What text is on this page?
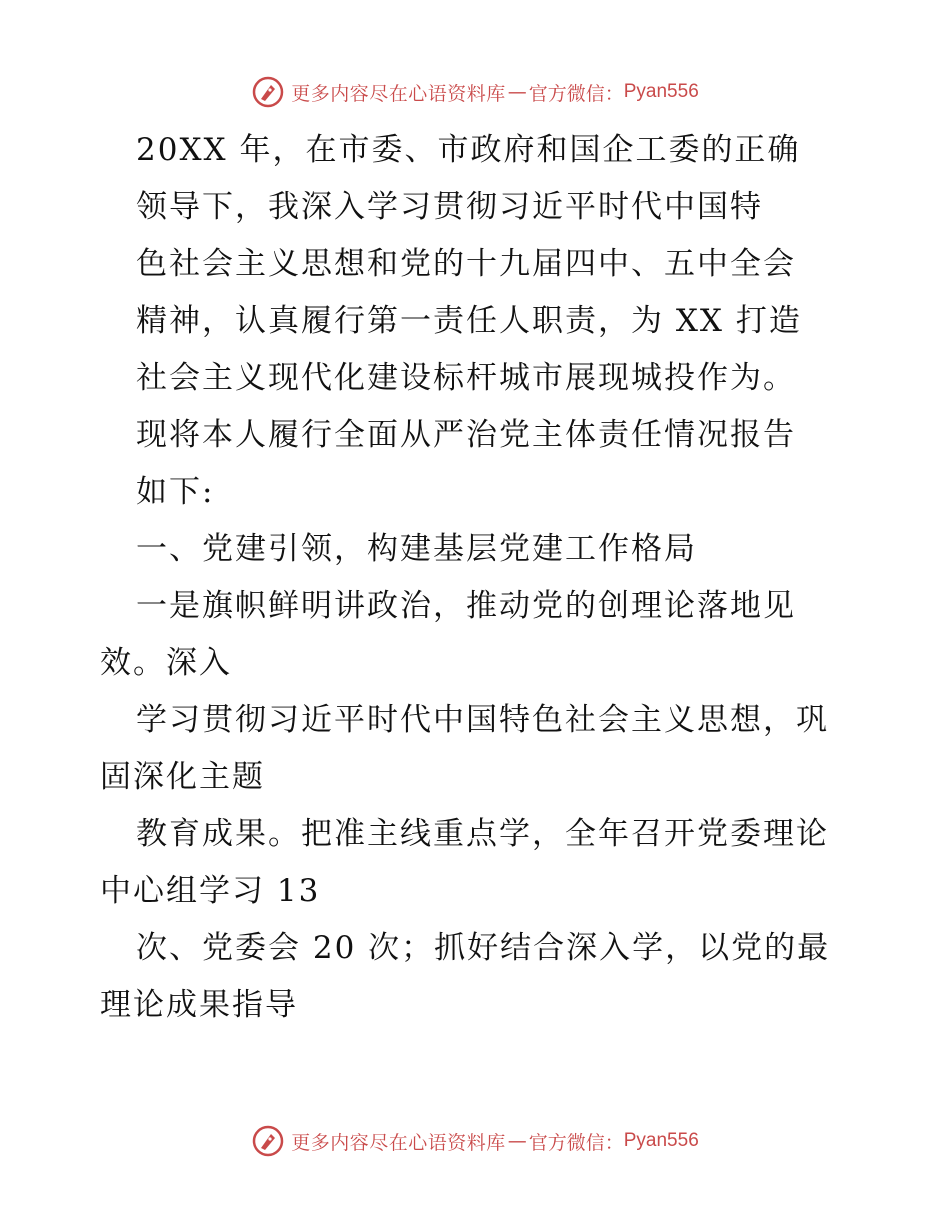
更多内容尽在心语资料库 — 官方微信： Pyan556
20XX 年，在市委、市政府和国企工委的正确
领导下，我深入学习贯彻习近平时代中国特
色社会主义思想和党的十九届四中、五中全会
精神，认真履行第一责任人职责，为 XX 打造
社会主义现代化建设标杆城市展现城投作为。
现将本人履行全面从严治党主体责任情况报告
如下:
一、党建引领，构建基层党建工作格局
一是旗帜鲜明讲政治，推动党的创理论落地见
效。深入
学习贯彻习近平时代中国特色社会主义思想，巩
固深化主题
教育成果。把准主线重点学，全年召开党委理论
中心组学习 13
次、党委会 20 次；抓好结合深入学，以党的最
理论成果指导
更多内容尽在心语资料库 — 官方微信： Pyan556
